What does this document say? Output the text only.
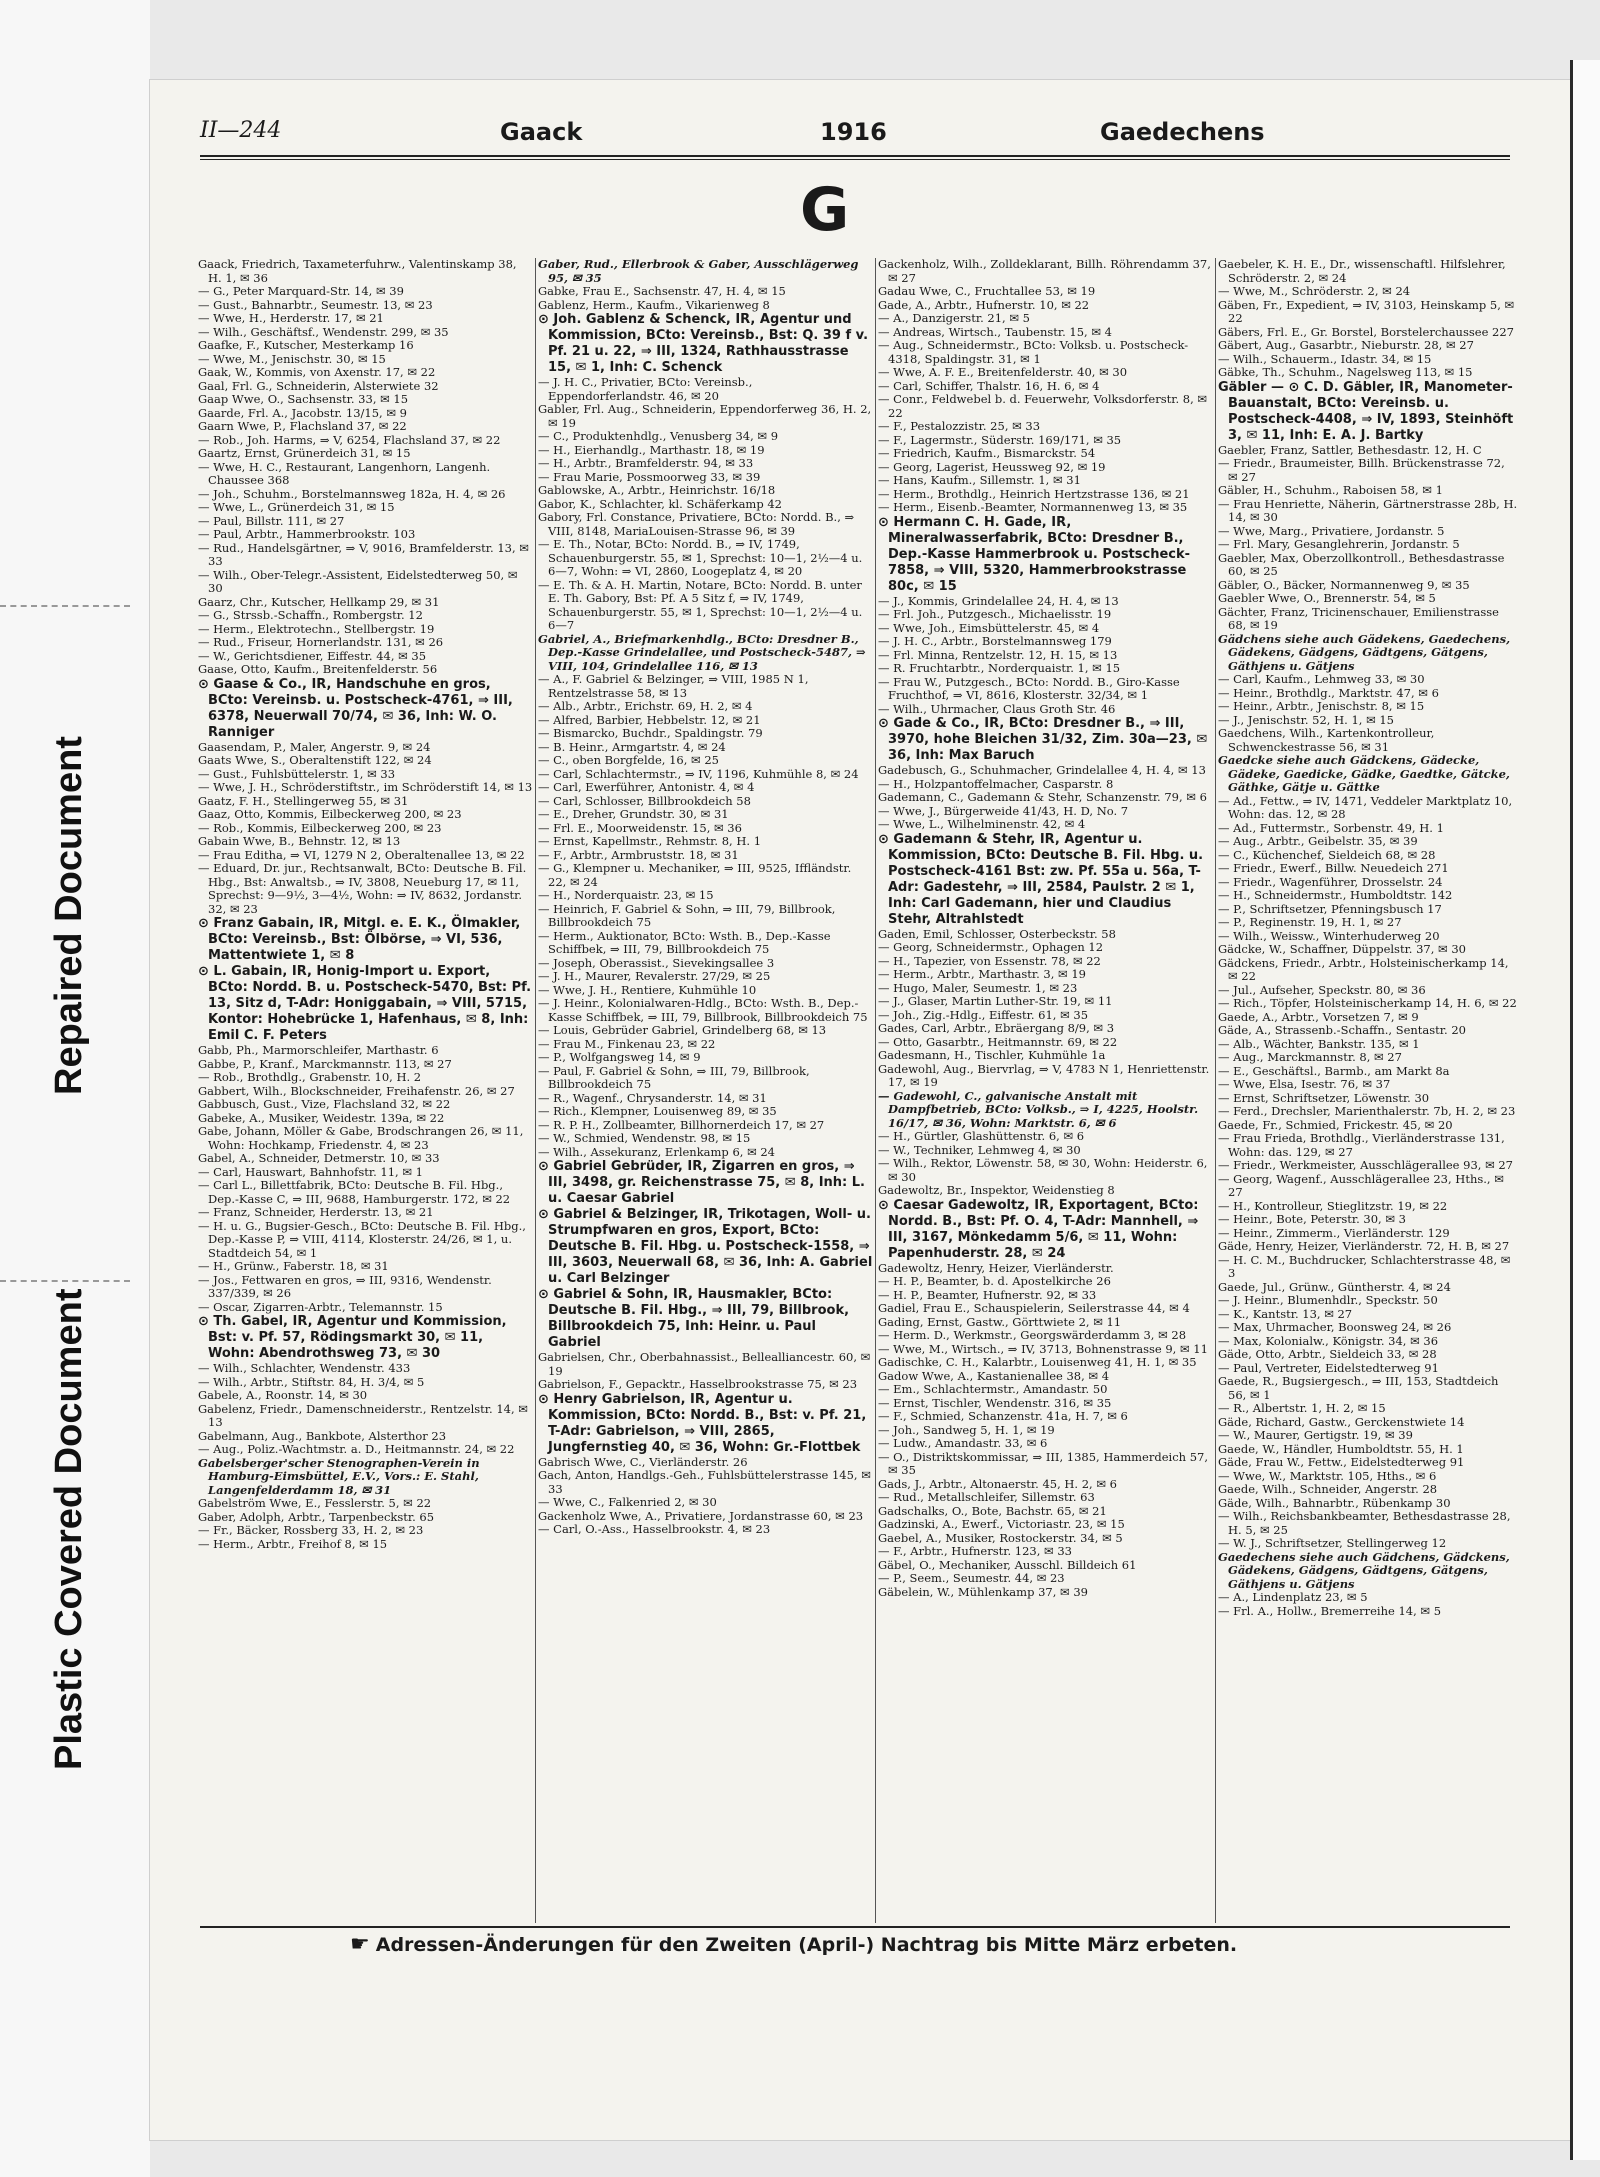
Plastic Covered Document
Repaired Document
II—244	Gaack	1916	Gaedechens
G

Gaack, Friedrich, Taxameterfuhrw., Valentinskamp 38, H. 1, ✉ 36

— G., Peter Marquard-Str. 14, ✉ 39

— Gust., Bahnarbtr., Seumestr. 13, ✉ 23

— Wwe, H., Herderstr. 17, ✉ 21

— Wilh., Geschäftsf., Wendenstr. 299, ✉ 35

Gaafke, F., Kutscher, Mesterkamp 16

— Wwe, M., Jenischstr. 30, ✉ 15

Gaak, W., Kommis, von Axenstr. 17, ✉ 22

Gaal, Frl. G., Schneiderin, Alsterwiete 32

Gaap Wwe, O., Sachsenstr. 33, ✉ 15

Gaarde, Frl. A., Jacobstr. 13/15, ✉ 9

Gaarn Wwe, P., Flachsland 37, ✉ 22

— Rob., Joh. Harms, ⇒ V, 6254, Flachsland 37, ✉ 22

Gaartz, Ernst, Grünerdeich 31, ✉ 15

— Wwe, H. C., Restaurant, Langenhorn, Langenh. Chaussee 368

— Joh., Schuhm., Borstelmannsweg 182a, H. 4, ✉ 26

— Wwe, L., Grünerdeich 31, ✉ 15

— Paul, Billstr. 111, ✉ 27

— Paul, Arbtr., Hammerbrookstr. 103

— Rud., Handelsgärtner, ⇒ V, 9016, Bramfelderstr. 13, ✉ 33

— Wilh., Ober-Telegr.-Assistent, Eidelstedterweg 50, ✉ 30

Gaarz, Chr., Kutscher, Hellkamp 29, ✉ 31

— G., Strssb.-Schaffn., Rombergstr. 12

— Herm., Elektrotechn., Stellbergstr. 19

— Rud., Friseur, Hornerlandstr. 131, ✉ 26

— W., Gerichtsdiener, Eiffestr. 44, ✉ 35

Gaase, Otto, Kaufm., Breitenfelderstr. 56

⊙ Gaase & Co., IR, Handschuhe en gros, BCto: Vereinsb. u. Postscheck-4761, ⇒ III, 6378, Neuerwall 70/74, ✉ 36, Inh: W. O. Ranniger

Gaasendam, P., Maler, Angerstr. 9, ✉ 24

Gaats Wwe, S., Oberaltenstift 122, ✉ 24

— Gust., Fuhlsbüttelerstr. 1, ✉ 33

— Wwe, J. H., Schröderstiftstr., im Schröderstift 14, ✉ 13

Gaatz, F. H., Stellingerweg 55, ✉ 31

Gaaz, Otto, Kommis, Eilbeckerweg 200, ✉ 23

— Rob., Kommis, Eilbeckerweg 200, ✉ 23

Gabain Wwe, B., Behnstr. 12, ✉ 13

— Frau Editha, ⇒ VI, 1279 N 2, Oberaltenallee 13, ✉ 22

— Eduard, Dr. jur., Rechtsanwalt, BCto: Deutsche B. Fil. Hbg., Bst: Anwaltsb., ⇒ IV, 3808, Neueburg 17, ✉ 11, Sprechst: 9—9½, 3—4½, Wohn: ⇒ IV, 8632, Jordanstr. 32, ✉ 23

⊙ Franz Gabain, IR, Mitgl. e. E. K., Ölmakler, BCto: Vereinsb., Bst: Ölbörse, ⇒ VI, 536, Mattentwiete 1, ✉ 8

⊙ L. Gabain, IR, Honig-Import u. Export, BCto: Nordd. B. u. Postscheck-5470, Bst: Pf. 13, Sitz d, T-Adr: Honiggabain, ⇒ VIII, 5715, Kontor: Hohebrücke 1, Hafenhaus, ✉ 8, Inh: Emil C. F. Peters

Gabb, Ph., Marmorschleifer, Marthastr. 6

Gabbe, P., Kranf., Marckmannstr. 113, ✉ 27

— Rob., Brothdlg., Grabenstr. 10, H. 2

Gabbert, Wilh., Blockschneider, Freihafenstr. 26, ✉ 27

Gabbusch, Gust., Vize, Flachsland 32, ✉ 22

Gabeke, A., Musiker, Weidestr. 139a, ✉ 22

Gabe, Johann, Möller & Gabe, Brodschrangen 26, ✉ 11, Wohn: Hochkamp, Friedenstr. 4, ✉ 23

Gabel, A., Schneider, Detmerstr. 10, ✉ 33

— Carl, Hauswart, Bahnhofstr. 11, ✉ 1

— Carl L., Billettfabrik, BCto: Deutsche B. Fil. Hbg., Dep.-Kasse C, ⇒ III, 9688, Hamburgerstr. 172, ✉ 22

— Franz, Schneider, Herderstr. 13, ✉ 21

— H. u. G., Bugsier-Gesch., BCto: Deutsche B. Fil. Hbg., Dep.-Kasse P, ⇒ VIII, 4114, Klosterstr. 24/26, ✉ 1, u. Stadtdeich 54, ✉ 1

— H., Grünw., Faberstr. 18, ✉ 31

— Jos., Fettwaren en gros, ⇒ III, 9316, Wendenstr. 337/339, ✉ 26

— Oscar, Zigarren-Arbtr., Telemannstr. 15

⊙ Th. Gabel, IR, Agentur und Kommission, Bst: v. Pf. 57, Rödingsmarkt 30, ✉ 11, Wohn: Abendrothsweg 73, ✉ 30

— Wilh., Schlachter, Wendenstr. 433

— Wilh., Arbtr., Stiftstr. 84, H. 3/4, ✉ 5

Gabele, A., Roonstr. 14, ✉ 30

Gabelenz, Friedr., Damenschneiderstr., Rentzelstr. 14, ✉ 13

Gabelmann, Aug., Bankbote, Alsterthor 23

— Aug., Poliz.-Wachtmstr. a. D., Heitmannstr. 24, ✉ 22

Gabelsberger'scher Stenographen-Verein in Hamburg-Eimsbüttel, E.V., Vors.: E. Stahl, Langenfelderdamm 18, ✉ 31

Gabelström Wwe, E., Fesslerstr. 5, ✉ 22

Gaber, Adolph, Arbtr., Tarpenbeckstr. 65

— Fr., Bäcker, Rossberg 33, H. 2, ✉ 23

— Herm., Arbtr., Freihof 8, ✉ 15

Gaber, Rud., Ellerbrook & Gaber, Ausschlägerweg 95, ✉ 35

Gabke, Frau E., Sachsenstr. 47, H. 4, ✉ 15

Gablenz, Herm., Kaufm., Vikarienweg 8

⊙ Joh. Gablenz & Schenck, IR, Agentur und Kommission, BCto: Vereinsb., Bst: Q. 39 f v. Pf. 21 u. 22, ⇒ III, 1324, Rathhausstrasse 15, ✉ 1, Inh: C. Schenck

— J. H. C., Privatier, BCto: Vereinsb., Eppendorferlandstr. 46, ✉ 20

Gabler, Frl. Aug., Schneiderin, Eppendorferweg 36, H. 2, ✉ 19

— C., Produktenhdlg., Venusberg 34, ✉ 9

— H., Eierhandlg., Marthastr. 18, ✉ 19

— H., Arbtr., Bramfelderstr. 94, ✉ 33

— Frau Marie, Possmoorweg 33, ✉ 39

Gablowske, A., Arbtr., Heinrichstr. 16/18

Gabor, K., Schlachter, kl. Schäferkamp 42

Gabory, Frl. Constance, Privatiere, BCto: Nordd. B., ⇒ VIII, 8148, MariaLouisen-Strasse 96, ✉ 39

— E. Th., Notar, BCto: Nordd. B., ⇒ IV, 1749, Schauenburgerstr. 55, ✉ 1, Sprechst: 10—1, 2½—4 u. 6—7, Wohn: ⇒ VI, 2860, Loogeplatz 4, ✉ 20

— E. Th. & A. H. Martin, Notare, BCto: Nordd. B. unter E. Th. Gabory, Bst: Pf. A 5 Sitz f, ⇒ IV, 1749, Schauenburgerstr. 55, ✉ 1, Sprechst: 10—1, 2½—4 u. 6—7

Gabriel, A., Briefmarkenhdlg., BCto: Dresdner B., Dep.-Kasse Grindelallee, und Postscheck-5487, ⇒ VIII, 104, Grindelallee 116, ✉ 13

— A., F. Gabriel & Belzinger, ⇒ VIII, 1985 N 1, Rentzelstrasse 58, ✉ 13

— Alb., Arbtr., Erichstr. 69, H. 2, ✉ 4

— Alfred, Barbier, Hebbelstr. 12, ✉ 21

— Bismarcko, Buchdr., Spaldingstr. 79

— B. Heinr., Armgartstr. 4, ✉ 24

— C., oben Borgfelde, 16, ✉ 25

— Carl, Schlachtermstr., ⇒ IV, 1196, Kuhmühle 8, ✉ 24

— Carl, Ewerführer, Antonistr. 4, ✉ 4

— Carl, Schlosser, Billbrookdeich 58

— E., Dreher, Grundstr. 30, ✉ 31

— Frl. E., Moorweidenstr. 15, ✉ 36

— Ernst, Kapellmstr., Rehmstr. 8, H. 1

— F., Arbtr., Armbruststr. 18, ✉ 31

— G., Klempner u. Mechaniker, ⇒ III, 9525, Iffländstr. 22, ✉ 24

— H., Norderquaistr. 23, ✉ 15

— Heinrich, F. Gabriel & Sohn, ⇒ III, 79, Billbrook, Billbrookdeich 75

— Herm., Auktionator, BCto: Wsth. B., Dep.-Kasse Schiffbek, ⇒ III, 79, Billbrookdeich 75

— Joseph, Oberassist., Sievekingsallee 3

— J. H., Maurer, Revalerstr. 27/29, ✉ 25

— Wwe, J. H., Rentiere, Kuhmühle 10

— J. Heinr., Kolonialwaren-Hdlg., BCto: Wsth. B., Dep.-Kasse Schiffbek, ⇒ III, 79, Billbrook, Billbrookdeich 75

— Louis, Gebrüder Gabriel, Grindelberg 68, ✉ 13

— Frau M., Finkenau 23, ✉ 22

— P., Wolfgangsweg 14, ✉ 9

— Paul, F. Gabriel & Sohn, ⇒ III, 79, Billbrook, Billbrookdeich 75

— R., Wagenf., Chrysanderstr. 14, ✉ 31

— Rich., Klempner, Louisenweg 89, ✉ 35

— R. P. H., Zollbeamter, Billhornerdeich 17, ✉ 27

— W., Schmied, Wendenstr. 98, ✉ 15

— Wilh., Assekuranz, Erlenkamp 6, ✉ 24

⊙ Gabriel Gebrüder, IR, Zigarren en gros, ⇒ III, 3498, gr. Reichenstrasse 75, ✉ 8, Inh: L. u. Caesar Gabriel

⊙ Gabriel & Belzinger, IR, Trikotagen, Woll- u. Strumpfwaren en gros, Export, BCto: Deutsche B. Fil. Hbg. u. Postscheck-1558, ⇒ III, 3603, Neuerwall 68, ✉ 36, Inh: A. Gabriel u. Carl Belzinger

⊙ Gabriel & Sohn, IR, Hausmakler, BCto: Deutsche B. Fil. Hbg., ⇒ III, 79, Billbrook, Billbrookdeich 75, Inh: Heinr. u. Paul Gabriel

Gabrielsen, Chr., Oberbahnassist., Bellealliancestr. 60, ✉ 19

Gabrielson, F., Gepacktr., Hasselbrookstrasse 75, ✉ 23

⊙ Henry Gabrielson, IR, Agentur u. Kommission, BCto: Nordd. B., Bst: v. Pf. 21, T-Adr: Gabrielson, ⇒ VIII, 2865, Jungfernstieg 40, ✉ 36, Wohn: Gr.-Flottbek

Gabrisch Wwe, C., Vierländerstr. 26

Gach, Anton, Handlgs.-Geh., Fuhlsbüttelerstrasse 145, ✉ 33

— Wwe, C., Falkenried 2, ✉ 30

Gackenholz Wwe, A., Privatiere, Jordanstrasse 60, ✉ 23

— Carl, O.-Ass., Hasselbrookstr. 4, ✉ 23

Gackenholz, Wilh., Zolldeklarant, Billh. Röhrendamm 37, ✉ 27

Gadau Wwe, C., Fruchtallee 53, ✉ 19

Gade, A., Arbtr., Hufnerstr. 10, ✉ 22

— A., Danzigerstr. 21, ✉ 5

— Andreas, Wirtsch., Taubenstr. 15, ✉ 4

— Aug., Schneidermstr., BCto: Volksb. u. Postscheck-4318, Spaldingstr. 31, ✉ 1

— Wwe, A. F. E., Breitenfelderstr. 40, ✉ 30

— Carl, Schiffer, Thalstr. 16, H. 6, ✉ 4

— Conr., Feldwebel b. d. Feuerwehr, Volksdorferstr. 8, ✉ 22

— F., Pestalozzistr. 25, ✉ 33

— F., Lagermstr., Süderstr. 169/171, ✉ 35

— Friedrich, Kaufm., Bismarckstr. 54

— Georg, Lagerist, Heussweg 92, ✉ 19

— Hans, Kaufm., Sillemstr. 1, ✉ 31

— Herm., Brothdlg., Heinrich Hertzstrasse 136, ✉ 21

— Herm., Eisenb.-Beamter, Normannenweg 13, ✉ 35

⊙ Hermann C. H. Gade, IR, Mineralwasserfabrik, BCto: Dresdner B., Dep.-Kasse Hammerbrook u. Postscheck-7858, ⇒ VIII, 5320, Hammerbrookstrasse 80c, ✉ 15

— J., Kommis, Grindelallee 24, H. 4, ✉ 13

— Frl. Joh., Putzgesch., Michaelisstr. 19

— Wwe, Joh., Eimsbüttelerstr. 45, ✉ 4

— J. H. C., Arbtr., Borstelmannsweg 179

— Frl. Minna, Rentzelstr. 12, H. 15, ✉ 13

— R. Fruchtarbtr., Norderquaistr. 1, ✉ 15

— Frau W., Putzgesch., BCto: Nordd. B., Giro-Kasse Fruchthof, ⇒ VI, 8616, Klosterstr. 32/34, ✉ 1

— Wilh., Uhrmacher, Claus Groth Str. 46

⊙ Gade & Co., IR, BCto: Dresdner B., ⇒ III, 3970, hohe Bleichen 31/32, Zim. 30a—23, ✉ 36, Inh: Max Baruch

Gadebusch, G., Schuhmacher, Grindelallee 4, H. 4, ✉ 13

— H., Holzpantoffelmacher, Casparstr. 8

Gademann, C., Gademann & Stehr, Schanzenstr. 79, ✉ 6

— Wwe, J., Bürgerweide 41/43, H. D, No. 7

— Wwe, L., Wilhelminenstr. 42, ✉ 4

⊙ Gademann & Stehr, IR, Agentur u. Kommission, BCto: Deutsche B. Fil. Hbg. u. Postscheck-4161 Bst: zw. Pf. 55a u. 56a, T-Adr: Gadestehr, ⇒ III, 2584, Paulstr. 2 ✉ 1, Inh: Carl Gademann, hier und Claudius Stehr, Altrahlstedt

Gaden, Emil, Schlosser, Osterbeckstr. 58

— Georg, Schneidermstr., Ophagen 12

— H., Tapezier, von Essenstr. 78, ✉ 22

— Herm., Arbtr., Marthastr. 3, ✉ 19

— Hugo, Maler, Seumestr. 1, ✉ 23

— J., Glaser, Martin Luther-Str. 19, ✉ 11

— Joh., Zig.-Hdlg., Eiffestr. 61, ✉ 35

Gades, Carl, Arbtr., Ebräergang 8/9, ✉ 3

— Otto, Gasarbtr., Heitmannstr. 69, ✉ 22

Gadesmann, H., Tischler, Kuhmühle 1a

Gadewohl, Aug., Biervrlag, ⇒ V, 4783 N 1, Henriettenstr. 17, ✉ 19

— Gadewohl, C., galvanische Anstalt mit Dampfbetrieb, BCto: Volksb., ⇒ I, 4225, Hoolstr. 16/17, ✉ 36, Wohn: Marktstr. 6, ✉ 6

— H., Gürtler, Glashüttenstr. 6, ✉ 6

— W., Techniker, Lehmweg 4, ✉ 30

— Wilh., Rektor, Löwenstr. 58, ✉ 30, Wohn: Heiderstr. 6, ✉ 30

Gadewoltz, Br., Inspektor, Weidenstieg 8

⊙ Caesar Gadewoltz, IR, Exportagent, BCto: Nordd. B., Bst: Pf. O. 4, T-Adr: Mannhell, ⇒ III, 3167, Mönkedamm 5/6, ✉ 11, Wohn: Papenhuderstr. 28, ✉ 24

Gadewoltz, Henry, Heizer, Vierländerstr.

— H. P., Beamter, b. d. Apostelkirche 26

— H. P., Beamter, Hufnerstr. 92, ✉ 33

Gadiel, Frau E., Schauspielerin, Seilerstrasse 44, ✉ 4

Gading, Ernst, Gastw., Görttwiete 2, ✉ 11

— Herm. D., Werkmstr., Georgswärderdamm 3, ✉ 28

— Wwe, M., Wirtsch., ⇒ IV, 3713, Bohnenstrasse 9, ✉ 11

Gadischke, C. H., Kalarbtr., Louisenweg 41, H. 1, ✉ 35

Gadow Wwe, A., Kastanienallee 38, ✉ 4

— Em., Schlachtermstr., Amandastr. 50

— Ernst, Tischler, Wendenstr. 316, ✉ 35

— F., Schmied, Schanzenstr. 41a, H. 7, ✉ 6

— Joh., Sandweg 5, H. 1, ✉ 19

— Ludw., Amandastr. 33, ✉ 6

— O., Distriktskommissar, ⇒ III, 1385, Hammerdeich 57, ✉ 35

Gads, J., Arbtr., Altonaerstr. 45, H. 2, ✉ 6

— Rud., Metallschleifer, Sillemstr. 63

Gadschalks, O., Bote, Bachstr. 65, ✉ 21

Gadzinski, A., Ewerf., Victoriastr. 23, ✉ 15

Gaebel, A., Musiker, Rostockerstr. 34, ✉ 5

— F., Arbtr., Hufnerstr. 123, ✉ 33

Gäbel, O., Mechaniker, Ausschl. Billdeich 61

— P., Seem., Seumestr. 44, ✉ 23

Gäbelein, W., Mühlenkamp 37, ✉ 39

Gaebeler, K. H. E., Dr., wissenschaftl. Hilfslehrer, Schröderstr. 2, ✉ 24

— Wwe, M., Schröderstr. 2, ✉ 24

Gäben, Fr., Expedient, ⇒ IV, 3103, Heinskamp 5, ✉ 22

Gäbers, Frl. E., Gr. Borstel, Borstelerchaussee 227

Gäbert, Aug., Gasarbtr., Nieburstr. 28, ✉ 27

— Wilh., Schauerm., Idastr. 34, ✉ 15

Gäbke, Th., Schuhm., Nagelsweg 113, ✉ 15

Gäbler — ⊙ C. D. Gäbler, IR, Manometer-Bauanstalt, BCto: Vereinsb. u. Postscheck-4408, ⇒ IV, 1893, Steinhöft 3, ✉ 11, Inh: E. A. J. Bartky

Gaebler, Franz, Sattler, Bethesdastr. 12, H. C

— Friedr., Braumeister, Billh. Brückenstrasse 72, ✉ 27

Gäbler, H., Schuhm., Raboisen 58, ✉ 1

— Frau Henriette, Näherin, Gärtnerstrasse 28b, H. 14, ✉ 30

— Wwe, Marg., Privatiere, Jordanstr. 5

— Frl. Mary, Gesanglehrerin, Jordanstr. 5

Gaebler, Max, Oberzollkontroll., Bethesdastrasse 60, ✉ 25

Gäbler, O., Bäcker, Normannenweg 9, ✉ 35

Gaebler Wwe, O., Brennerstr. 54, ✉ 5

Gächter, Franz, Tricinenschauer, Emilienstrasse 68, ✉ 19

Gädchens siehe auch Gädekens, Gaedechens, Gädekens, Gädgens, Gädtgens, Gätgens, Gäthjens u. Gätjens

— Carl, Kaufm., Lehmweg 33, ✉ 30

— Heinr., Brothdlg., Marktstr. 47, ✉ 6

— Heinr., Arbtr., Jenischstr. 8, ✉ 15

— J., Jenischstr. 52, H. 1, ✉ 15

Gaedchens, Wilh., Kartenkontrolleur, Schwenckestrasse 56, ✉ 31

Gaedcke siehe auch Gädckens, Gädecke, Gädeke, Gaedicke, Gädke, Gaedtke, Gätcke, Gäthke, Gätje u. Gättke

— Ad., Fettw., ⇒ IV, 1471, Veddeler Marktplatz 10, Wohn: das. 12, ✉ 28

— Ad., Futtermstr., Sorbenstr. 49, H. 1

— Aug., Arbtr., Geibelstr. 35, ✉ 39

— C., Küchenchef, Sieldeich 68, ✉ 28

— Friedr., Ewerf., Billw. Neuedeich 271

— Friedr., Wagenführer, Drosselstr. 24

— H., Schneidermstr., Humboldtstr. 142

— P., Schriftsetzer, Pfenningsbusch 17

— P., Reginenstr. 19, H. 1, ✉ 27

— Wilh., Weissw., Winterhuderweg 20

Gädcke, W., Schaffner, Düppelstr. 37, ✉ 30

Gädckens, Friedr., Arbtr., Holsteinischerkamp 14, ✉ 22

— Jul., Aufseher, Speckstr. 80, ✉ 36

— Rich., Töpfer, Holsteinischerkamp 14, H. 6, ✉ 22

Gaede, A., Arbtr., Vorsetzen 7, ✉ 9

Gäde, A., Strassenb.-Schaffn., Sentastr. 20

— Alb., Wächter, Bankstr. 135, ✉ 1

— Aug., Marckmannstr. 8, ✉ 27

— E., Geschäftsl., Barmb., am Markt 8a

— Wwe, Elsa, Isestr. 76, ✉ 37

— Ernst, Schriftsetzer, Löwenstr. 30

— Ferd., Drechsler, Marienthalerstr. 7b, H. 2, ✉ 23

Gaede, Fr., Schmied, Frickestr. 45, ✉ 20

— Frau Frieda, Brothdlg., Vierländerstrasse 131, Wohn: das. 129, ✉ 27

— Friedr., Werkmeister, Ausschlägerallee 93, ✉ 27

— Georg, Wagenf., Ausschlägerallee 23, Hths., ✉ 27

— H., Kontrolleur, Stieglitzstr. 19, ✉ 22

— Heinr., Bote, Peterstr. 30, ✉ 3

— Heinr., Zimmerm., Vierländerstr. 129

Gäde, Henry, Heizer, Vierländerstr. 72, H. B, ✉ 27

— H. C. M., Buchdrucker, Schlachterstrasse 48, ✉ 3

Gaede, Jul., Grünw., Güntherstr. 4, ✉ 24

— J. Heinr., Blumenhdlr., Speckstr. 50

— K., Kantstr. 13, ✉ 27

— Max, Uhrmacher, Boonsweg 24, ✉ 26

— Max, Kolonialw., Königstr. 34, ✉ 36

Gäde, Otto, Arbtr., Sieldeich 33, ✉ 28

— Paul, Vertreter, Eidelstedterweg 91

Gaede, R., Bugsiergesch., ⇒ III, 153, Stadtdeich 56, ✉ 1

— R., Albertstr. 1, H. 2, ✉ 15

Gäde, Richard, Gastw., Gerckenstwiete 14

— W., Maurer, Gertigstr. 19, ✉ 39

Gaede, W., Händler, Humboldtstr. 55, H. 1

Gäde, Frau W., Fettw., Eidelstedterweg 91

— Wwe, W., Marktstr. 105, Hths., ✉ 6

Gaede, Wilh., Schneider, Angerstr. 28

Gäde, Wilh., Bahnarbtr., Rübenkamp 30

— Wilh., Reichsbankbeamter, Bethesdastrasse 28, H. 5, ✉ 25

— W. J., Schriftsetzer, Stellingerweg 12

Gaedechens siehe auch Gädchens, Gädckens, Gädekens, Gädgens, Gädtgens, Gätgens, Gäthjens u. Gätjens

— A., Lindenplatz 23, ✉ 5

— Frl. A., Hollw., Bremerreihe 14, ✉ 5

☛ Adressen-Änderungen für den Zweiten (April-) Nachtrag bis Mitte März erbeten.
